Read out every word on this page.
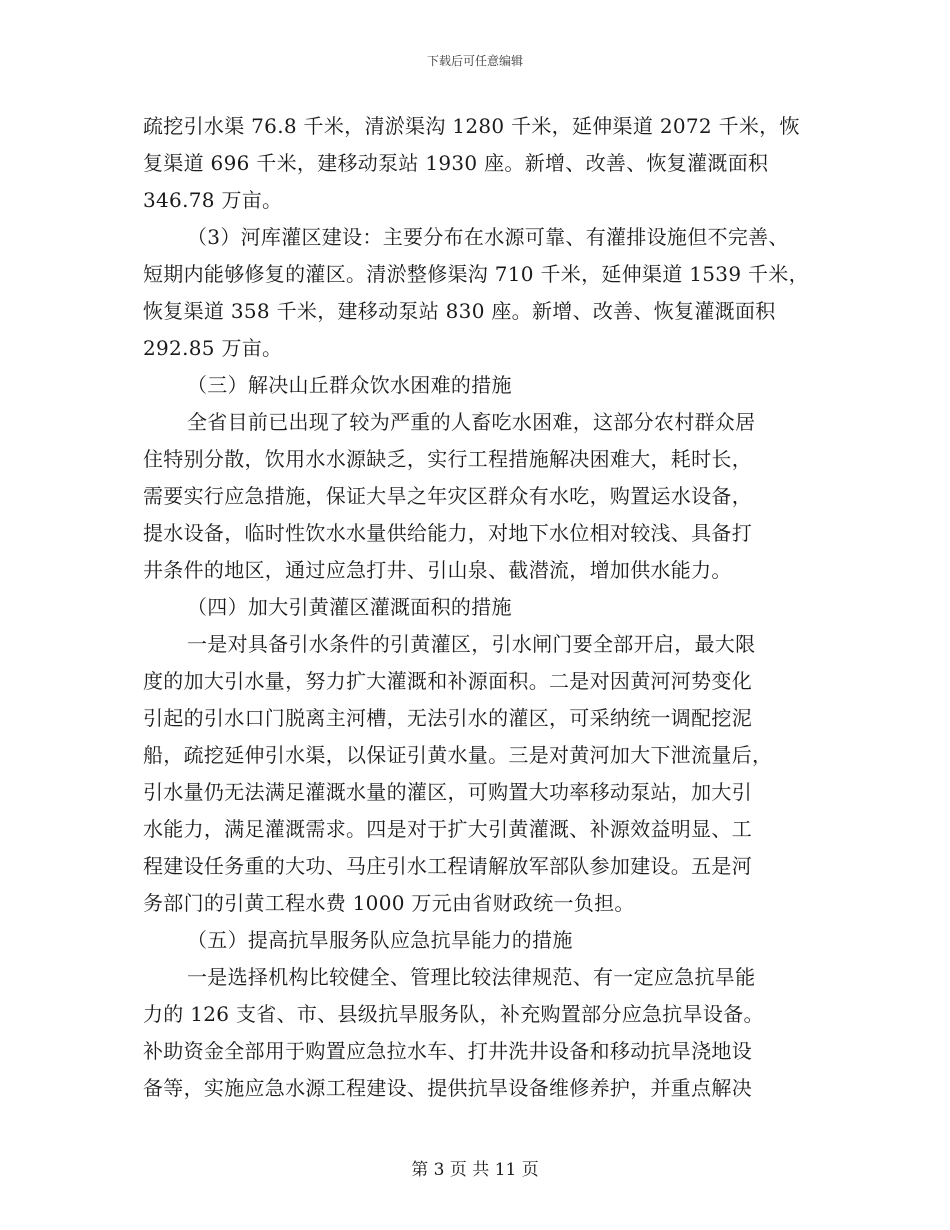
下载后可任意编辑
疏挖引水渠 76.8 千米，清淤渠沟 1280 千米，延伸渠道 2072 千米，恢
复渠道 696 千米，建移动泵站 1930 座。新增、改善、恢复灌溉面积
346.78 万亩。
（3）河库灌区建设：主要分布在水源可靠、有灌排设施但不完善、
短期内能够修复的灌区。清淤整修渠沟 710 千米，延伸渠道 1539 千米，
恢复渠道 358 千米，建移动泵站 830 座。新增、改善、恢复灌溉面积
292.85 万亩。
（三）解决山丘群众饮水困难的措施
全省目前已出现了较为严重的人畜吃水困难，这部分农村群众居
住特别分散，饮用水水源缺乏，实行工程措施解决困难大，耗时长，
需要实行应急措施，保证大旱之年灾区群众有水吃，购置运水设备，
提水设备，临时性饮水水量供给能力，对地下水位相对较浅、具备打
井条件的地区，通过应急打井、引山泉、截潜流，增加供水能力。
（四）加大引黄灌区灌溉面积的措施
一是对具备引水条件的引黄灌区，引水闸门要全部开启，最大限
度的加大引水量，努力扩大灌溉和补源面积。二是对因黄河河势变化
引起的引水口门脱离主河槽，无法引水的灌区，可采纳统一调配挖泥
船，疏挖延伸引水渠，以保证引黄水量。三是对黄河加大下泄流量后，
引水量仍无法满足灌溉水量的灌区，可购置大功率移动泵站，加大引
水能力，满足灌溉需求。四是对于扩大引黄灌溉、补源效益明显、工
程建设任务重的大功、马庄引水工程请解放军部队参加建设。五是河
务部门的引黄工程水费 1000 万元由省财政统一负担。
（五）提高抗旱服务队应急抗旱能力的措施
一是选择机构比较健全、管理比较法律规范、有一定应急抗旱能
力的 126 支省、市、县级抗旱服务队，补充购置部分应急抗旱设备。
补助资金全部用于购置应急拉水车、打井洗井设备和移动抗旱浇地设
备等，实施应急水源工程建设、提供抗旱设备维修养护，并重点解决
第 3 页 共 11 页
